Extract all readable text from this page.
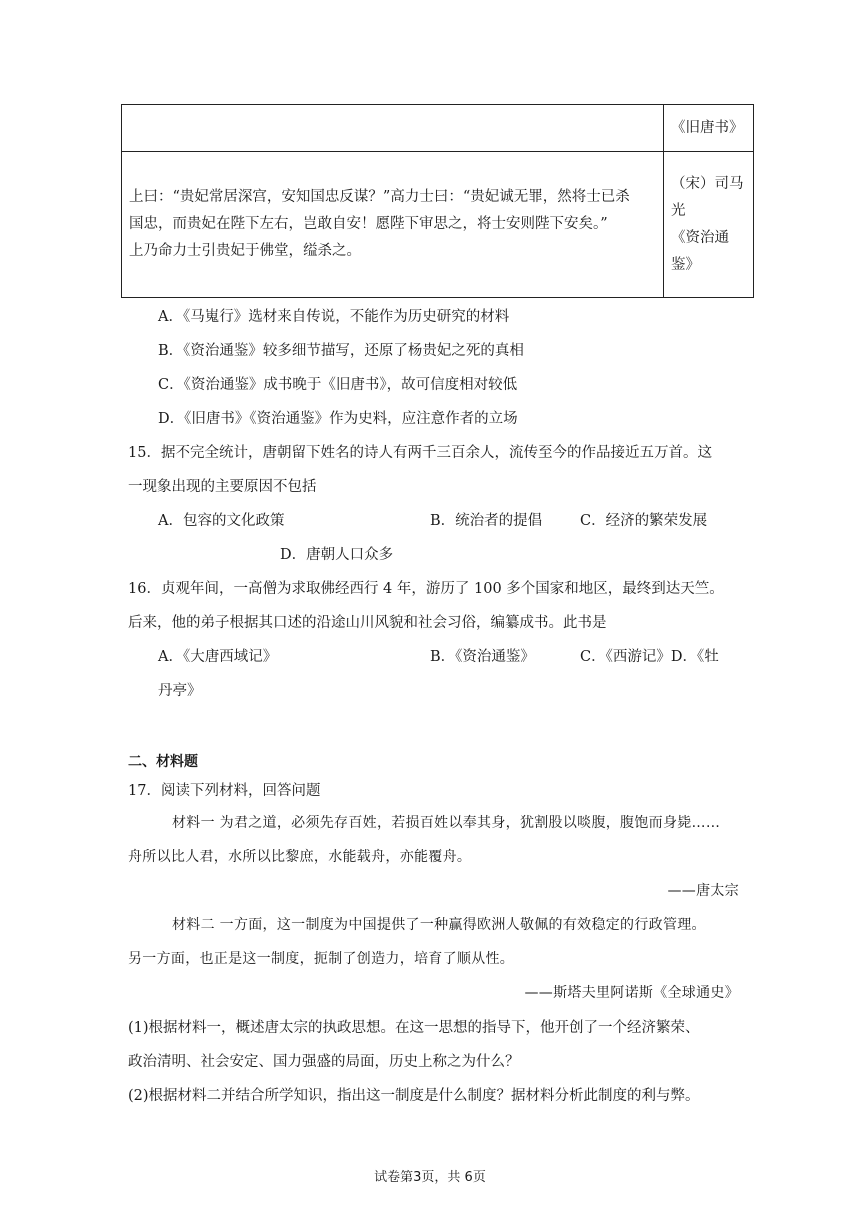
	《旧唐书》

上曰：“贵妃常居深宫，安知国忠反谋？”高力士曰：“贵妃诚无罪，然将士已杀
国忠，而贵妃在陛下左右，岂敢自安！愿陛下审思之，将士安则陛下安矣。”
上乃命力士引贵妃于佛堂，缢杀之。	（宋）司马
光
《资治通
鉴》
A．《马嵬行》选材来自传说，不能作为历史研究的材料
B．《资治通鉴》较多细节描写，还原了杨贵妃之死的真相
C．《资治通鉴》成书晚于《旧唐书》，故可信度相对较低
D．《旧唐书》《资治通鉴》作为史料，应注意作者的立场
15．据不完全统计，唐朝留下姓名的诗人有两千三百余人，流传至今的作品接近五万首。这
一现象出现的主要原因不包括
A．包容的文化政策	B．统治者的提倡	C．经济的繁荣发展
D．唐朝人口众多
16．贞观年间，一高僧为求取佛经西行 4 年，游历了 100 多个国家和地区，最终到达天竺。
后来，他的弟子根据其口述的沿途山川风貌和社会习俗，编纂成书。此书是
A．《大唐西域记》	B．《资治通鉴》	C．《西游记》D．《牡
丹亭》
二、材料题
17．阅读下列材料，回答问题
材料一 为君之道，必须先存百姓，若损百姓以奉其身，犹割股以啖腹，腹饱而身毙……
舟所以比人君，水所以比黎庶，水能载舟，亦能覆舟。
——唐太宗
材料二 一方面，这一制度为中国提供了一种赢得欧洲人敬佩的有效稳定的行政管理。
另一方面，也正是这一制度，扼制了创造力，培育了顺从性。
——斯塔夫里阿诺斯《全球通史》
(1)根据材料一，概述唐太宗的执政思想。在这一思想的指导下，他开创了一个经济繁荣、
政治清明、社会安定、国力强盛的局面，历史上称之为什么？
(2)根据材料二并结合所学知识，指出这一制度是什么制度？据材料分析此制度的利与弊。
试卷第3页，共 6页
